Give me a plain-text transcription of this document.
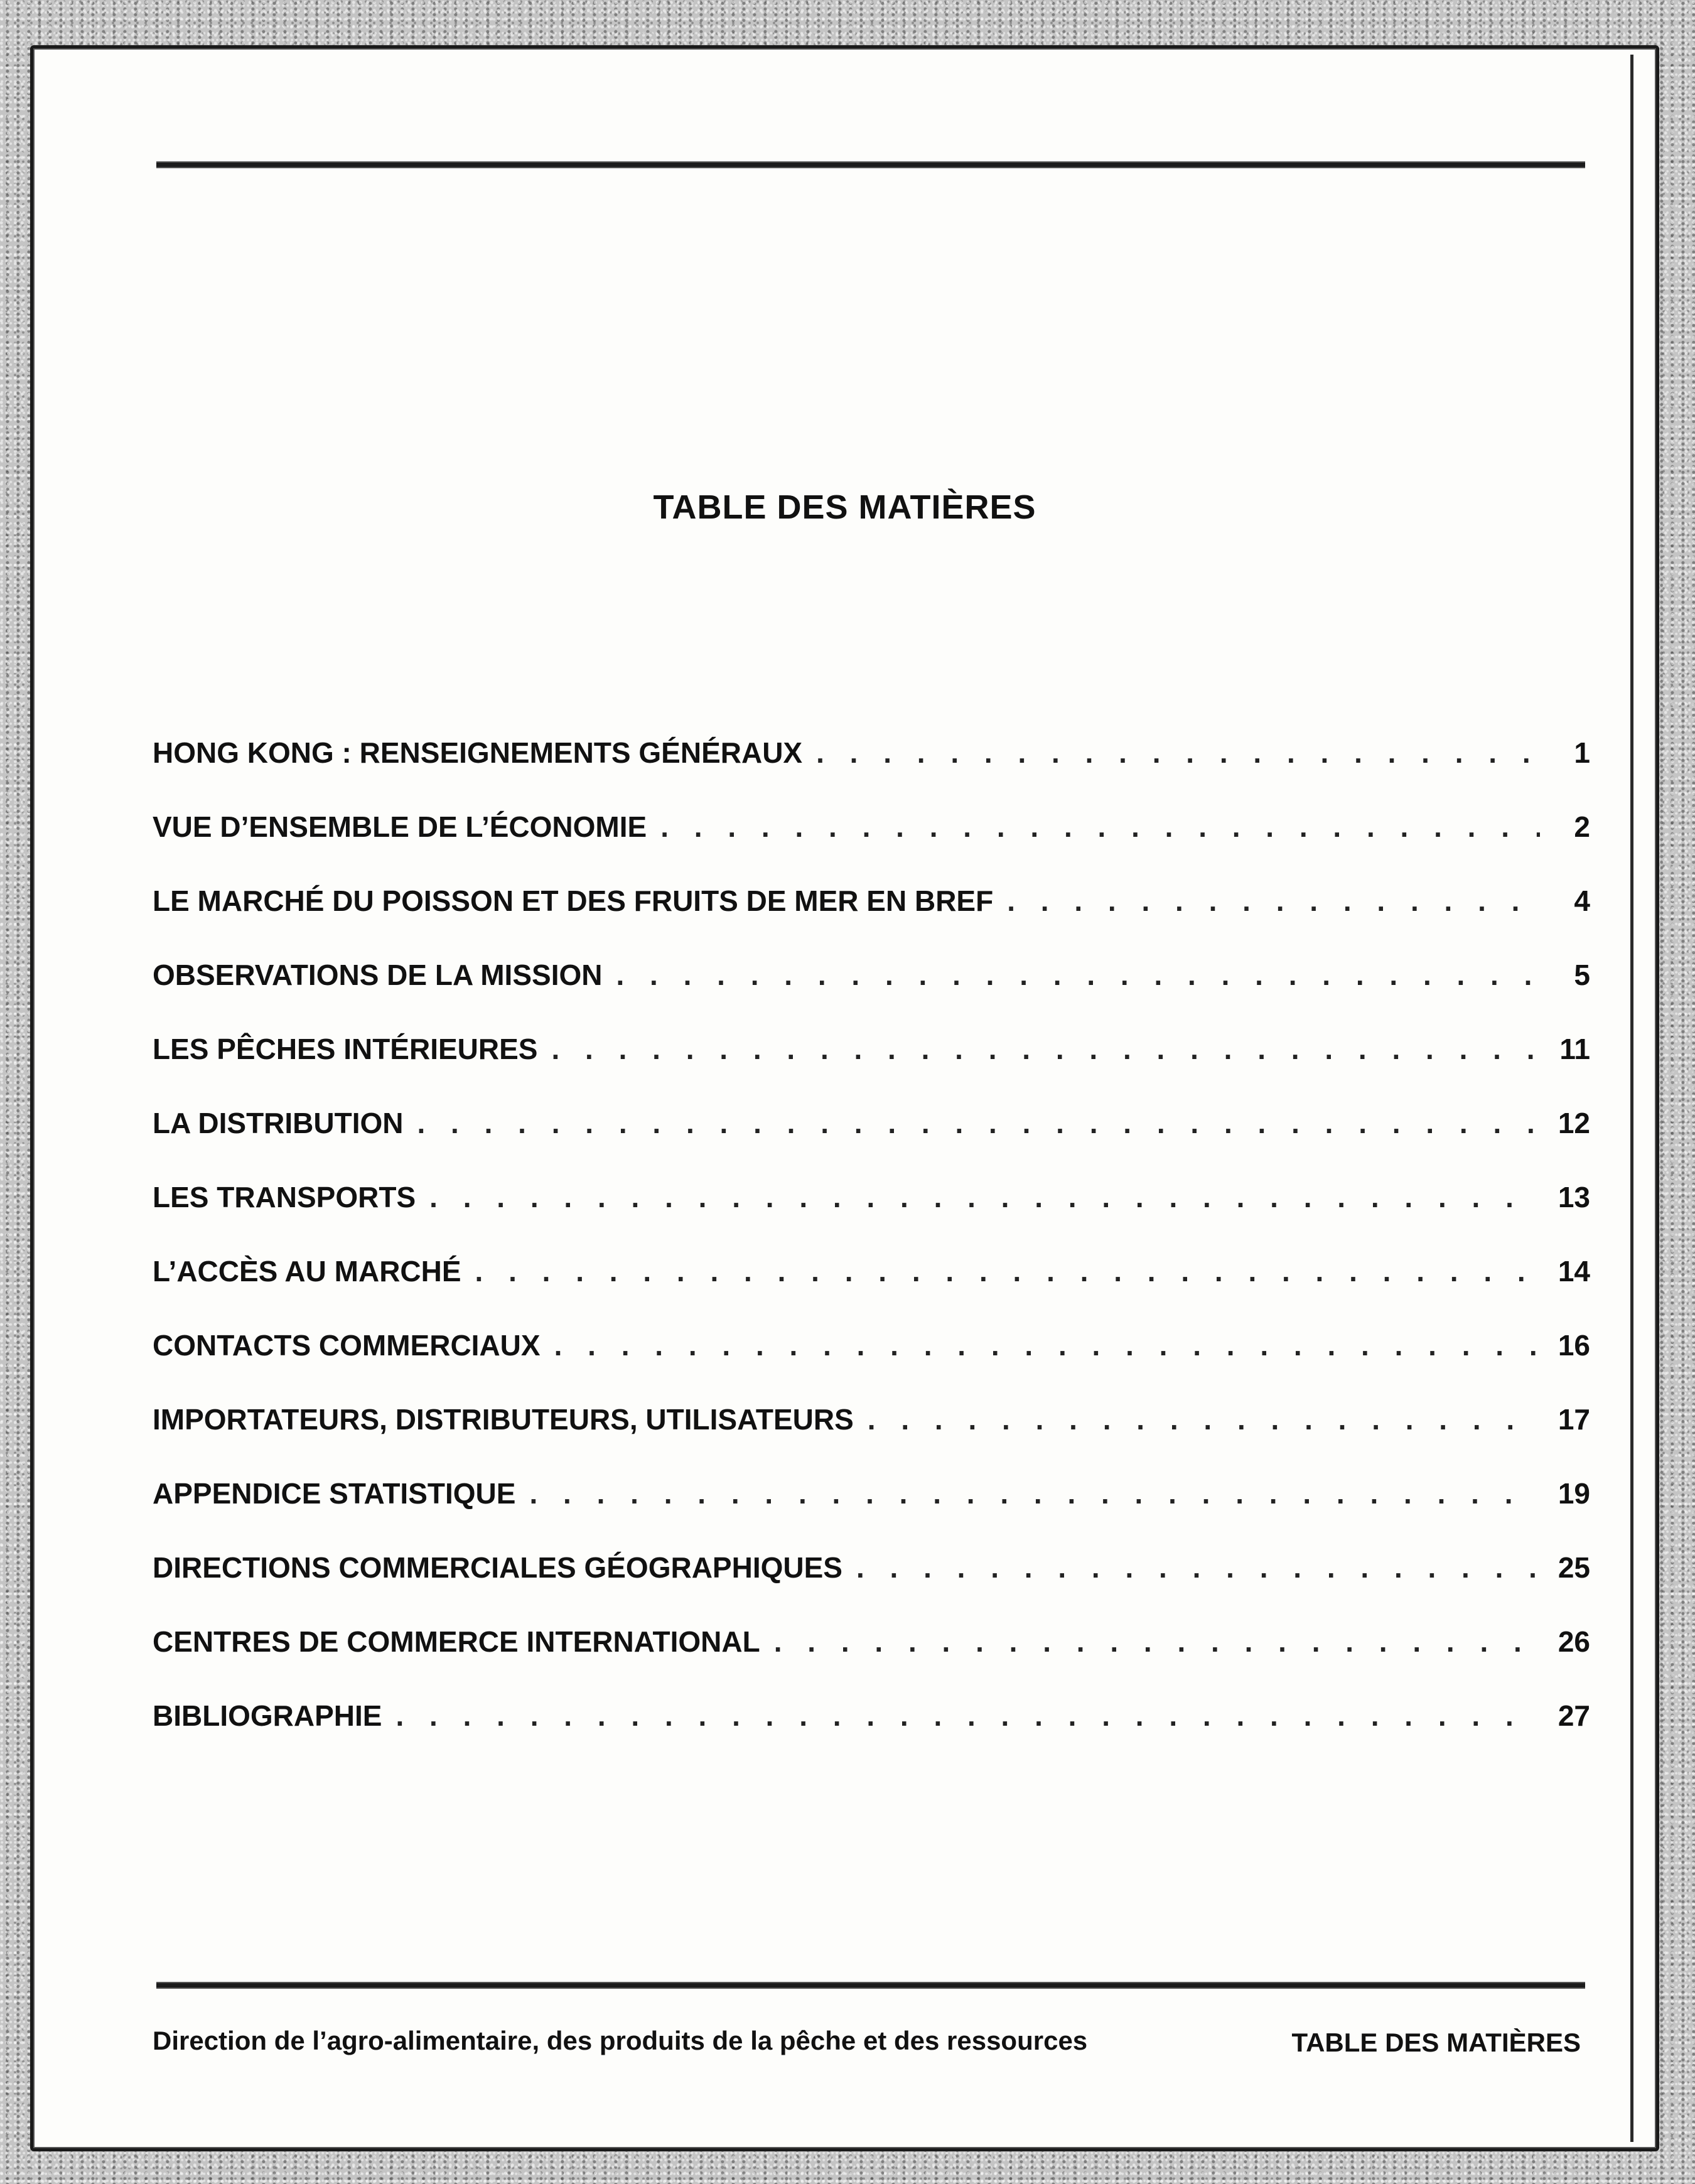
TABLE DES MATIÈRES
HONG KONG : RENSEIGNEMENTS GÉNÉRAUX . . .	1
VUE D’ENSEMBLE DE L’ÉCONOMIE . . .	2
LE MARCHÉ DU POISSON ET DES FRUITS DE MER EN BREF . . .	4
OBSERVATIONS DE LA MISSION . . .	5
LES PÊCHES INTÉRIEURES . . .	11
LA DISTRIBUTION . . .	12
LES TRANSPORTS . . .	13
L’ACCÈS AU MARCHÉ . . .	14
CONTACTS COMMERCIAUX . . .	16
IMPORTATEURS, DISTRIBUTEURS, UTILISATEURS . . .	17
APPENDICE STATISTIQUE . . .	19
DIRECTIONS COMMERCIALES GÉOGRAPHIQUES . . .	25
CENTRES DE COMMERCE INTERNATIONAL . . .	26
BIBLIOGRAPHIE . . .	27
Direction de l’agro-alimentaire, des produits de la pêche et des ressources	TABLE DES MATIÈRES
